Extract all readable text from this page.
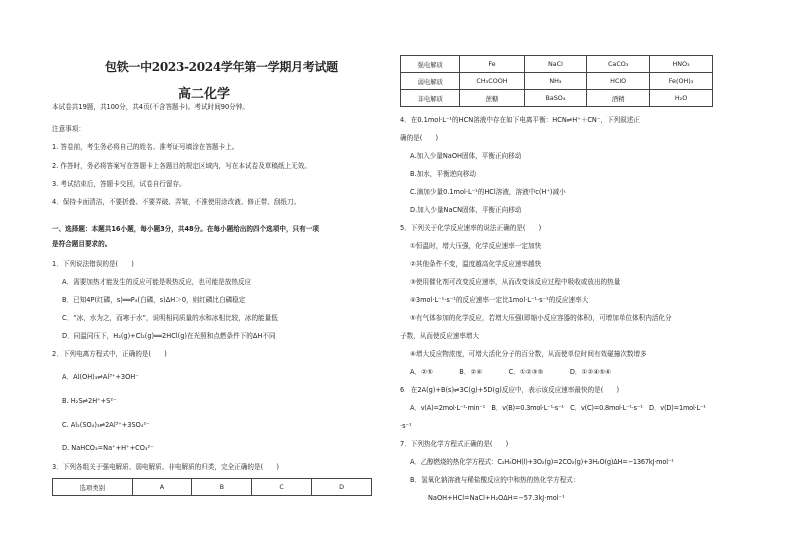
包铁一中2023-2024学年第一学期月考试题
高二化学
本试卷共19题，共100分，共4页(不含答题卡)。考试时间90分钟。
注意事项：
1. 答卷前，考生务必将自己的姓名、准考证号填涂在答题卡上。
2. 作答时，务必将答案写在答题卡上各题目的规定区域内，写在本试卷及草稿纸上无效。
3. 考试结束后，答题卡交回，试卷自行留存。
4．保持卡面清洁，不要折叠、不要弄破、弄皱，不准使用涂改液、修正带、刮纸刀。
一、选择题：本题共16小题，每小题3分，共48分。在每小题给出的四个选项中，只有一项
是符合题目要求的。
1．下列说法错误的是(　　)
A．需要加热才能发生的反应可能是吸热反应，也可能是放热反应
B．已知4P(红磷，s)══P₄(白磷，s)ΔH＞0，则红磷比白磷稳定
C．“冰，水为之，而寒于水”，说明相同质量的水和冰相比较，冰的能量低
D．同温同压下，H₂(g)+Cl₂(g)══2HCl(g)在光照和点燃条件下的ΔH不同
2．下列电离方程式中，正确的是(　　)
A．Al(OH)₃⇌Al³⁺+3OH⁻
B. H₂S⇌2H⁺+S²⁻
C. Al₂(SO₄)₃⇌2Al³⁺+3SO₄²⁻
D. NaHCO₃=Na⁺+H⁺+CO₃²⁻
3．下列各组关于强电解质、弱电解质、非电解质的归类，完全正确的是(　　)
选项类别	A	B	C	D
强电解质	Fe	NaCl	CaCO₃	HNO₃
弱电解质	CH₃COOH	NH₃	HClO	Fe(OH)₃
非电解质	蔗糖	BaSO₄	酒精	H₂O
4．在0.1mol·L⁻¹的HCN溶液中存在如下电离平衡：HCN⇌H⁺＋CN⁻，下列叙述正
确的是(　　)
A.加入少量NaOH固体，平衡正向移动
B.加水，平衡逆向移动
C.滴加少量0.1mol·L⁻¹的HCl溶液，溶液中c(H⁺)减小
D.加入少量NaCN固体，平衡正向移动
5．下列关于化学反应速率的说法正确的是(　　)
①恒温时，增大压强，化学反应速率一定加快
②其他条件不变，温度越高化学反应速率越快
③使用催化剂可改变反应速率，从而改变该反应过程中吸收或放出的热量
④3mol·L⁻¹·s⁻¹的反应速率一定比1mol·L⁻¹·s⁻¹的反应速率大
⑤有气体参加的化学反应，若增大压强(即缩小反应容器的体积)，可增加单位体积内活化分
子数，从而使反应速率增大
⑥增大反应物浓度，可增大活化分子的百分数，从而使单位时间有效碰撞次数增多
A．②⑤　　　　B．②⑥　　　　C．①②③⑤　　　　D．①②④⑤⑥
6　在2A(g)+B(s)⇌3C(g)+5D(g)反应中，表示该反应速率最快的是(　　)
A．v(A)=2mol·L⁻¹·min⁻¹　B．v(B)=0.3mol·L⁻¹·s⁻¹　C．v(C)=0.8mol·L⁻¹·s⁻¹　D．v(D)=1mol·L⁻¹
·s⁻¹
7．下列热化学方程式正确的是(　　)
A．乙醇燃烧的热化学方程式：C₂H₅OH(l)+3O₂(g)=2CO₂(g)+3H₂O(g)ΔH=−1367kJ·mol⁻¹
B．氢氧化钠溶液与稀盐酸反应的中和热的热化学方程式：
NaOH+HCl=NaCl+H₂OΔH=−57.3kJ·mol⁻¹
